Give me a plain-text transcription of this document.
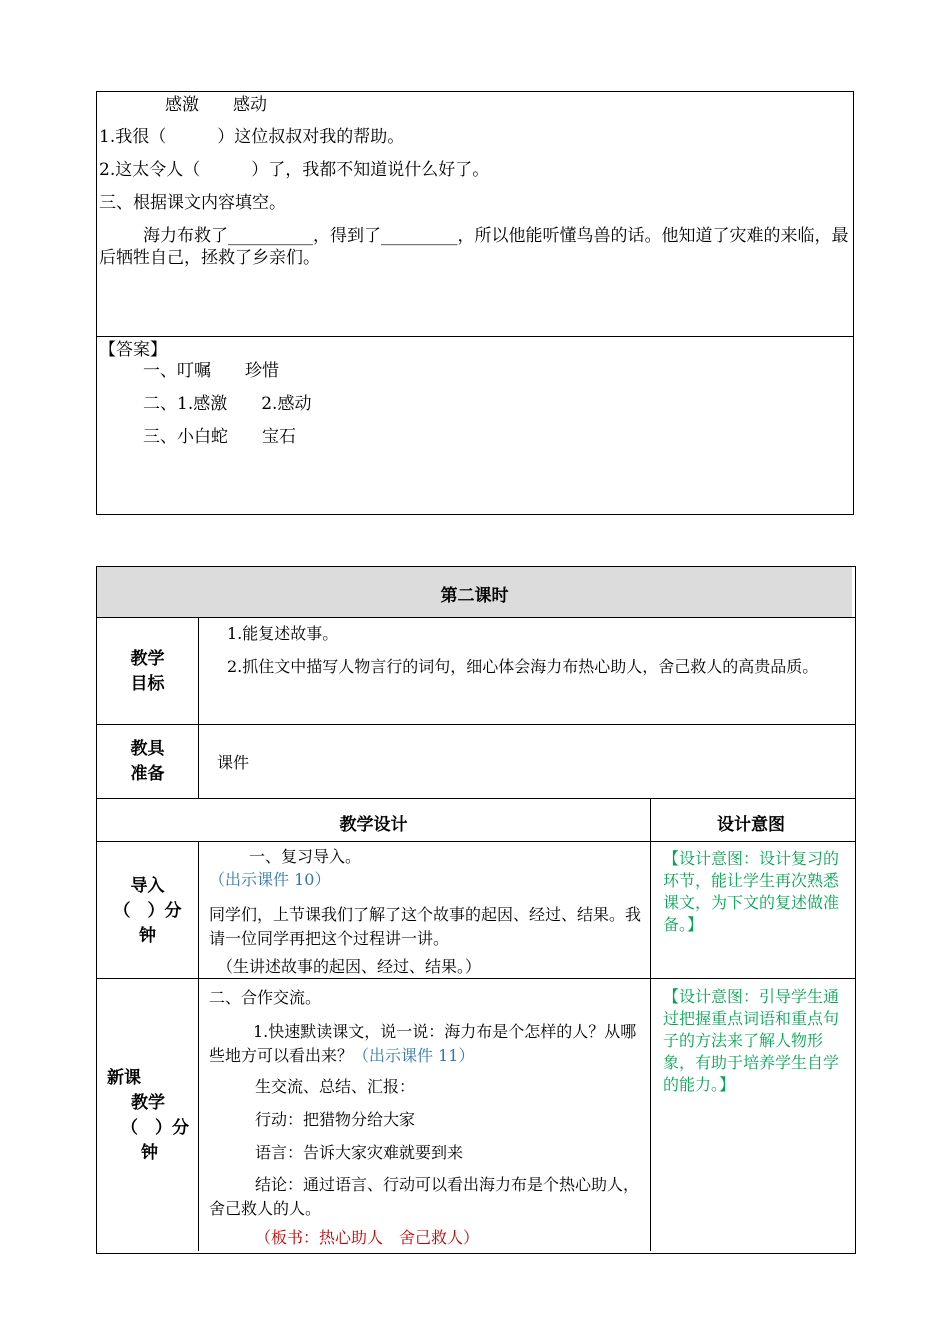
感激　　感动
1.我很（　　　）这位叔叔对我的帮助。
2.这太令人（　　　）了，我都不知道说什么好了。
三、根据课文内容填空。
海力布救了__________，得到了_________，所以他能听懂鸟兽的话。他知道了灾难的来临，最后牺牲自己，拯救了乡亲们。
【答案】
一、叮嘱　　珍惜
二、1.感激　　2.感动
三、小白蛇　　宝石
第二课时
教学
目标
1.能复述故事。
2.抓住文中描写人物言行的词句，细心体会海力布热心助人，舍己救人的高贵品质。
教具
准备
课件
教学设计	设计意图
导入
（　）分
钟
一、复习导入。
（出示课件 10）
同学们，上节课我们了解了这个故事的起因、经过、结果。我请一位同学再把这个过程讲一讲。
（生讲述故事的起因、经过、结果。）
【设计意图：设计复习的环节，能让学生再次熟悉课文，为下文的复述做准备。】
新课
教学
（　）分
钟
二、合作交流。
1.快速默读课文，说一说：海力布是个怎样的人？从哪些地方可以看出来？（出示课件 11）
生交流、总结、汇报：
行动：把猎物分给大家
语言：告诉大家灾难就要到来
结论：通过语言、行动可以看出海力布是个热心助人，舍己救人的人。
（板书：热心助人　舍己救人）
【设计意图：引导学生通过把握重点词语和重点句子的方法来了解人物形象，有助于培养学生自学的能力。】
